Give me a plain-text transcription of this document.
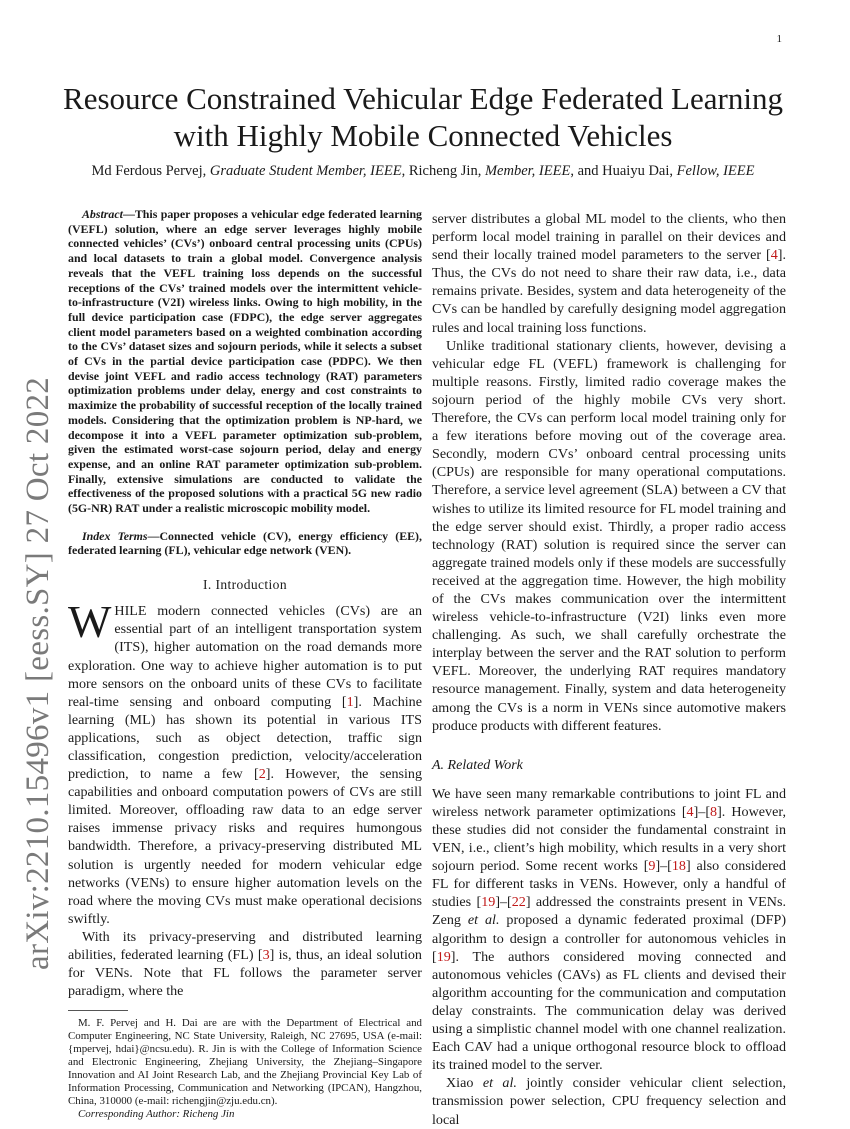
1
arXiv:2210.15496v1 [eess.SY] 27 Oct 2022
Resource Constrained Vehicular Edge Federated Learning with Highly Mobile Connected Vehicles
Md Ferdous Pervej, Graduate Student Member, IEEE, Richeng Jin, Member, IEEE, and Huaiyu Dai, Fellow, IEEE

Abstract—This paper proposes a vehicular edge federated learning (VEFL) solution, where an edge server leverages highly mobile connected vehicles’ (CVs’) onboard central processing units (CPUs) and local datasets to train a global model. Convergence analysis reveals that the VEFL training loss depends on the successful receptions of the CVs’ trained models over the intermittent vehicle-to-infrastructure (V2I) wireless links. Owing to high mobility, in the full device participation case (FDPC), the edge server aggregates client model parameters based on a weighted combination according to the CVs’ dataset sizes and sojourn periods, while it selects a subset of CVs in the partial device participation case (PDPC). We then devise joint VEFL and radio access technology (RAT) parameters optimization problems under delay, energy and cost constraints to maximize the probability of successful reception of the locally trained models. Considering that the optimization problem is NP-hard, we decompose it into a VEFL parameter optimization sub-problem, given the estimated worst-case sojourn period, delay and energy expense, and an online RAT parameter optimization sub-problem. Finally, extensive simulations are conducted to validate the effectiveness of the proposed solutions with a practical 5G new radio (5G-NR) RAT under a realistic microscopic mobility model.

Index Terms—Connected vehicle (CV), energy efficiency (EE), federated learning (FL), vehicular edge network (VEN).

I. Introduction

WHILE modern connected vehicles (CVs) are an essential part of an intelligent transportation system (ITS), higher automation on the road demands more exploration. One way to achieve higher automation is to put more sensors on the onboard units of these CVs to facilitate real-time sensing and onboard computing [1]. Machine learning (ML) has shown its potential in various ITS applications, such as object detection, traffic sign classification, congestion prediction, velocity/acceleration prediction, to name a few [2]. However, the sensing capabilities and onboard computation powers of CVs are still limited. Moreover, offloading raw data to an edge server raises immense privacy risks and requires humongous bandwidth. Therefore, a privacy-preserving distributed ML solution is urgently needed for modern vehicular edge networks (VENs) to ensure higher automation levels on the road where the moving CVs must make operational decisions swiftly.

With its privacy-preserving and distributed learning abilities, federated learning (FL) [3] is, thus, an ideal solution for VENs. Note that FL follows the parameter server paradigm, where the

M. F. Pervej and H. Dai are are with the Department of Electrical and Computer Engineering, NC State University, Raleigh, NC 27695, USA (e-mail: {mpervej, hdai}@ncsu.edu). R. Jin is with the College of Information Science and Electronic Engineering, Zhejiang University, the Zhejiang–Singapore Innovation and AI Joint Research Lab, and the Zhejiang Provincial Key Lab of Information Processing, Communication and Networking (IPCAN), Hangzhou, China, 310000 (e-mail: richengjin@zju.edu.cn).

Corresponding Author: Richeng Jin

server distributes a global ML model to the clients, who then perform local model training in parallel on their devices and send their locally trained model parameters to the server [4]. Thus, the CVs do not need to share their raw data, i.e., data remains private. Besides, system and data heterogeneity of the CVs can be handled by carefully designing model aggregation rules and local training loss functions.

Unlike traditional stationary clients, however, devising a vehicular edge FL (VEFL) framework is challenging for multiple reasons. Firstly, limited radio coverage makes the sojourn period of the highly mobile CVs very short. Therefore, the CVs can perform local model training only for a few iterations before moving out of the coverage area. Secondly, modern CVs’ onboard central processing units (CPUs) are responsible for many operational computations. Therefore, a service level agreement (SLA) between a CV that wishes to utilize its limited resource for FL model training and the edge server should exist. Thirdly, a proper radio access technology (RAT) solution is required since the server can aggregate trained models only if these models are successfully received at the aggregation time. However, the high mobility of the CVs makes communication over the intermittent wireless vehicle-to-infrastructure (V2I) links even more challenging. As such, we shall carefully orchestrate the interplay between the server and the RAT solution to perform VEFL. Moreover, the underlying RAT requires mandatory resource management. Finally, system and data heterogeneity among the CVs is a norm in VENs since automotive makers produce products with different features.

A. Related Work

We have seen many remarkable contributions to joint FL and wireless network parameter optimizations [4]–[8]. However, these studies did not consider the fundamental constraint in VEN, i.e., client’s high mobility, which results in a very short sojourn period. Some recent works [9]–[18] also considered FL for different tasks in VENs. However, only a handful of studies [19]–[22] addressed the constraints present in VENs. Zeng et al. proposed a dynamic federated proximal (DFP) algorithm to design a controller for autonomous vehicles in [19]. The authors considered moving connected and autonomous vehicles (CAVs) as FL clients and devised their algorithm accounting for the communication and computation delay constraints. The communication delay was derived using a simplistic channel model with one channel realization. Each CAV had a unique orthogonal resource block to offload its trained model to the server.

Xiao et al. jointly consider vehicular client selection, transmission power selection, CPU frequency selection and local
